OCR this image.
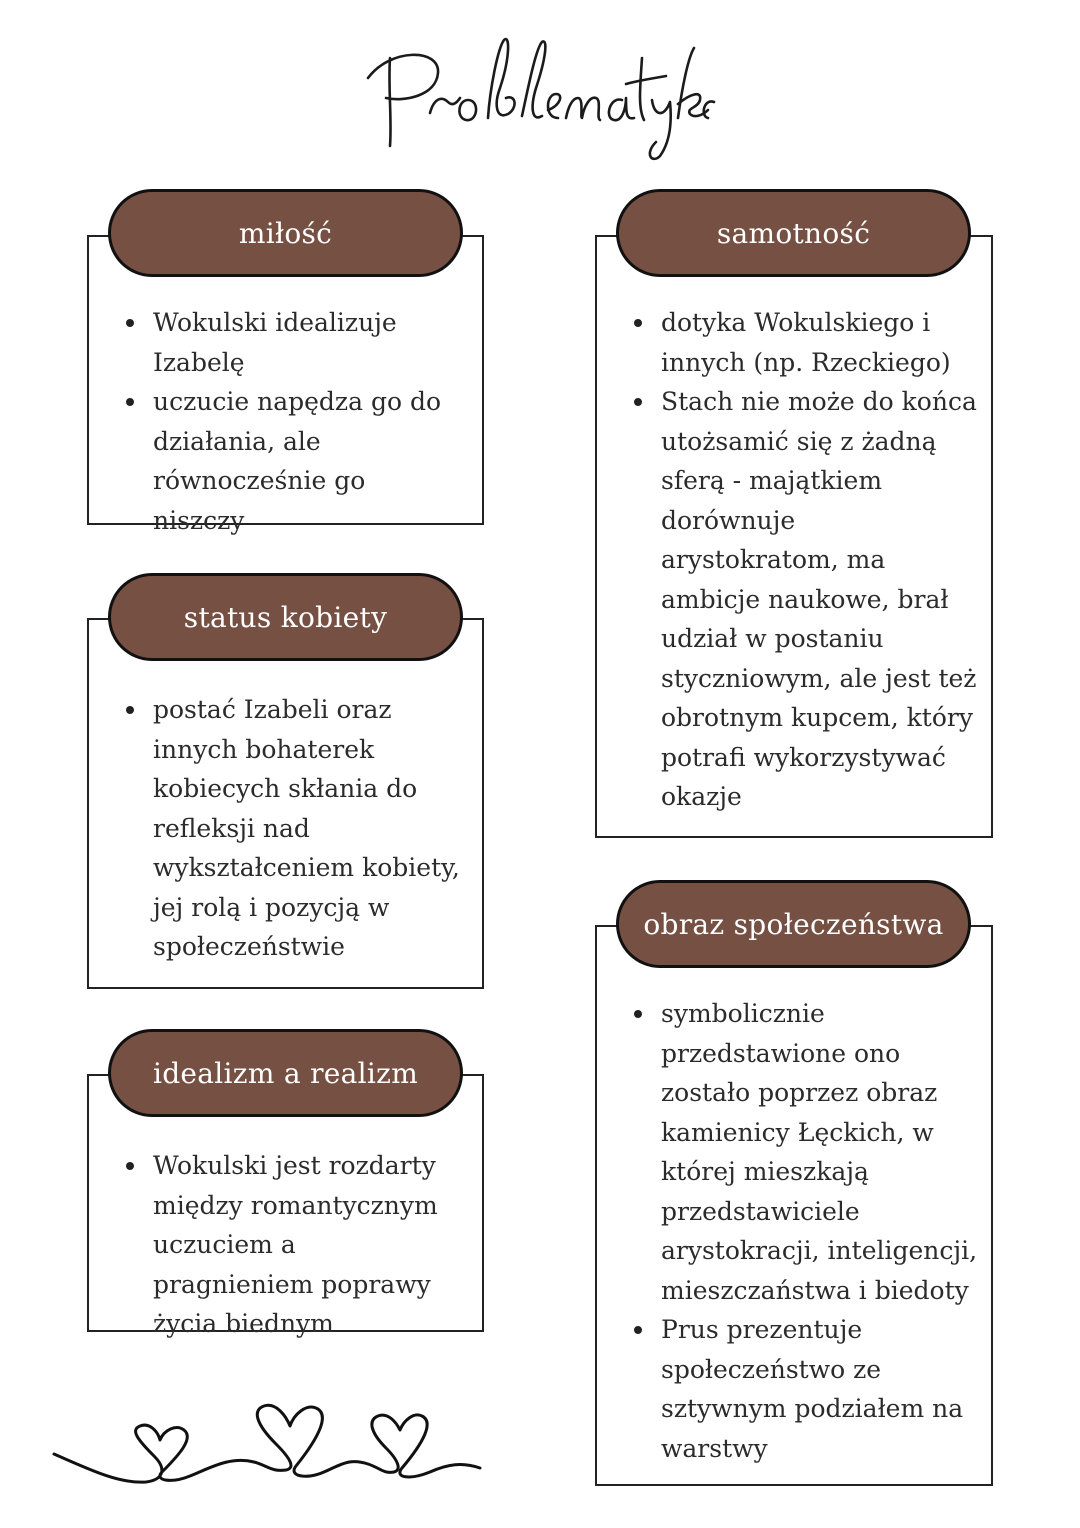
miłość
Wokulski idealizuje Izabelę
uczucie napędza go do działania, ale równocześnie go niszczy
status kobiety
postać Izabeli oraz innych bohaterek kobiecych skłania do refleksji nad wykształceniem kobiety, jej rolą i pozycją w społeczeństwie
idealizm a realizm
Wokulski jest rozdarty między romantycznym uczuciem a pragnieniem poprawy życia biednym
samotność
dotyka Wokulskiego i innych (np. Rzeckiego)
Stach nie może do końca utożsamić się z żadną sferą - majątkiem dorównuje arystokratom, ma ambicje naukowe, brał udział w postaniu styczniowym, ale jest też obrotnym kupcem, który potrafi wykorzystywać okazje
obraz społeczeństwa
symbolicznie przedstawione ono zostało poprzez obraz kamienicy Łęckich, w której mieszkają przedstawiciele arystokracji, inteligencji, mieszczaństwa i biedoty
Prus prezentuje społeczeństwo ze sztywnym podziałem na warstwy
